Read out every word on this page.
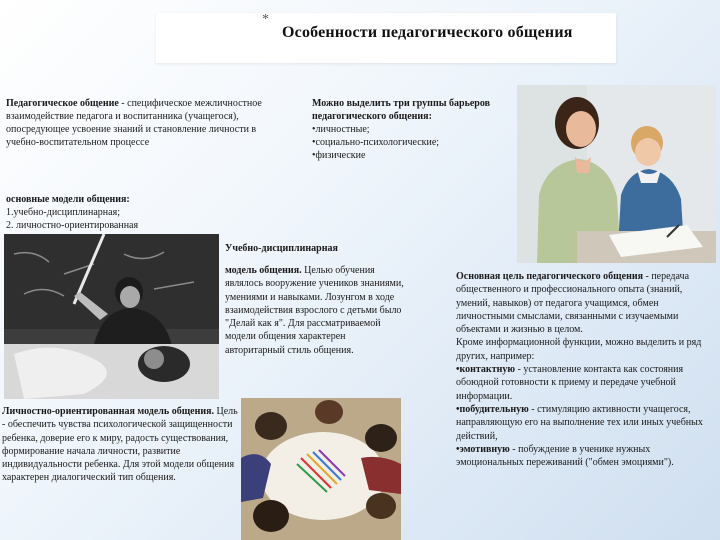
*
Особенности педагогического общения
Педагогическое общение - специфическое межличностное взаимодействие педагога и воспитанника (учащегося), опосредующее усвоение знаний и становление личности в учебно-воспитательном процессе
Можно выделить три группы барьеров педагогического общения:
•личностные;
•социально-психологические;
•физические
основные модели общения:
1.учебно-дисциплинарная;
2. личностно-ориентированная
Учебно-дисциплинарная
модель общения. Целью обучения являлось вооружение учеников знаниями, умениями и навыками. Лозунгом в ходе взаимодействия взрослого с детьми было "Делай как я". Для рассматриваемой модели общения характерен авторитарный стиль общения.
Личностно-ориентированная модель общения. Цель - обеспечить чувства психологической защищенности ребенка, доверие его к миру, радость существования, формирование начала личности, развитие индивидуальности ребенка. Для этой модели общения характерен диалогический тип общения.
Основная цель педагогического общения - передача общественного и профессионального опыта (знаний, умений, навыков) от педагога учащимся, обмен личностными смыслами, связанными с изучаемыми объектами и жизнью в целом.
Кроме информационной функции, можно выделить и ряд других, например:
•контактную - установление контакта как состояния обоюдной готовности к приему и передаче учебной информации.
•побудительную - стимуляцию активности учащегося, направляющую его на выполнение тех или иных учебных действий,
•эмотивную - побуждение в ученике нужных эмоциональных переживаний ("обмен эмоциями").
